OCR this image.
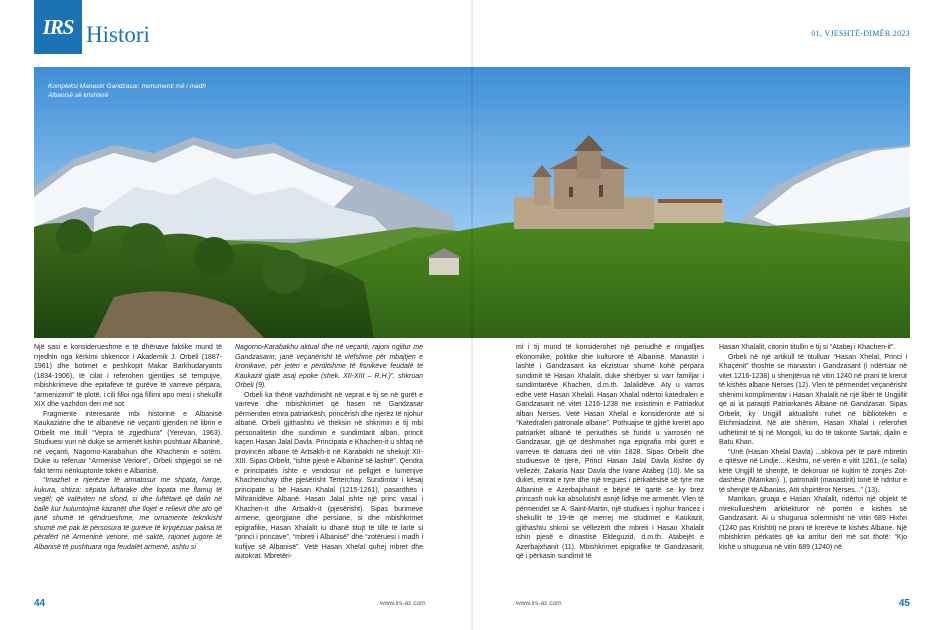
IRS Histori	01, VJESHTË-DIMËR 2023
Kompleksi Manastir Gandzasar, monumenti më i madh Albanisë së krishterë

Një sasi e konsiderueshme e të dhënave faktike mund të rrjedhin nga kërkimi shkencor i Akademik J. Orbeli (1887-1961) dhe botimet e peshkopit Makar Barkhudaryants (1834-1906), të cilat i referohen gjendjes së tempujve, mbishkrimeve dhe epitafeve të gurëve të varreve përpara, “armenizimit” të plotë, i cili filloi nga fillimi apo mesi i shekullit XIX dhe vazhdon deri më sot.

Fragmente interesante mbi historinë e Albanisë Kaukaziane dhe të albanëve në veçanti gjenden në librin e Orbelit me titull “Vepra të zgjedhura” (Yerevan, 1963). Studiuesi vuri në dukje se armenët kishin pushtuar Albaninë, në veçanti, Nagorno-Karabahun dhe Khachenin e sotëm. Duke iu referuar “Armenisë Veriore”, Orbeli shpjegoi se në fakt termi nënkuptonte tokën e Albanisë.

“Imazhet e njerëzve të armatosur me shpata, harqe, kukura, shtiza; sëpata luftarake dhe lopata me flamuj të vegël; që valëviten në sfond, si dhe luftëtarë që dalin në ballë kur hulumtojmë kazanët dhe llojet e relievit dhe ato që janë shumë të qëndrueshme, me ornamente teknikisht shumë më pak të përsosura të gurëve të kryqëzuar paksa të përafërt në Armeninë veriore, më saktë, rajonet jugore të Albanisë të pushtuara nga feudalët armenë, ashtu si

Nagorno-Karabakhu aktual dhe në veçanti, rajoni ngjitur me Gandzasarin, janë veçanërisht të vlefshme për mbajtjen e kronikave, për jetën e përditshme të fisnikëve feudalë të Kaukazit gjatë asaj epoke (shek. XII-XIII – R.H.)”, shkruan Orbeli (9).

Orbeli ka thënë vazhdimisht në veprat e tij se në gurët e varreve dhe mbishkrimet që hasen në Gandzasar përmenden emra patriarkësh, princërish dhe njerëz të njohur albanë. Orbeli gjithashtu vë theksin në shkrimin e tij mbi personalitetin dhe sundimin e sundimtarit alban, princit kaçen Hasan Jalal Davla. Principata e Khachen-it u shfaq në provincën albane të Artsakh-it në Karabakh në shekujt XII-XIII. Sipas Orbelit, “ishte pjesë e Albanisë së lashtë”. Qendra e principatës ishte e vendosur në pellgjet e lumenjve Khachenchay dhe pjesërisht Terterchay. Sundimtar i kësaj principate u bë Hasan Khalal (1215-1261), pasardhës i Mihranidëve Albanë. Hasan Jalal ishte një princ vasal i Khachen-it dhe Artsakh-it (pjesërisht). Sipas burimeve armene, gjeorgjiane dhe persiane, si dhe mbishkrimet epigrafike, Hasan Xhalalit iu dhanë titujt të tillë të lartë si “princi i princave”, “mbreti i Albanisë” dhe “zotëruesi i madh i kufijve së Albanisë”. Vetë Hasan Xhelal quhej mbret dhe autokrat. Mbretëri-

mi i tij mund të konsiderohet një periudhë e ringjalljes ekonomike, politike dhe kulturore të Albanisë. Manastiri i lashtë i Gandzasarit ka ekzistuar shumë kohë përpara sundimit të Hasan Xhalalit, duke shërbyer si varr familjar i sundimtarëve Khachen, d.m.th. Jalalidëve. Aty u varros edhe vetë Hasan Xhelali. Hasan Xhalal ndërtoi katedralen e Gandzasarit në vitet 1216-1238 me insistimin e Patriarkut alban Nerses. Vetë Hasan Xhelal e konsideronte atë si “Katedralen patronale albane”. Pothuajse të gjithë krerët apo patriarkët albanë të periudhës së fundit u varrosën në Gandzasar, gjë që dëshmohet nga epigrafia mbi gurët e varreve të datuara deri në vitin 1828. Sipas Orbelit dhe studiuesve të tjerë, Princi Hasan Jalal Davla kishte dy vëllezër, Zakaria Nasr Davla dhe Ivane Atabeg (10). Me sa duket, emrat e tyre dhe një tregues i përkatësisë së tyre me Albaninë e Azerbajxhanit e bëjnë të qartë se ky brez princash nuk ka absolutisht asnjë lidhje me armenët. Vlen të përmendet se A. Saint-Martin, një studiues i njohur francez i shekullit të 19-të që merrej me studimet e Kaukazit, gjithashtu shkroi se vëllezërit dhe mbreti i Hasan Xhalalit ishin pjesë e dinastisë Eldeguzid, d.m.th. Atabejët e Azerbajxhanit (11). Mbishkrimet epigrafike të Gandzasarit, që i përkasin sundimit të

Hasan Xhalalit, citonin titullin e tij si “Atabej i Khachen-it”.

Orbeli në një artikull të titulluar “Hasan Xhelal, Princi i Khaçenit” thoshte se manastiri i Gandzasarit (i ndërtuar në vitet 1216-1238) u shenjtërua në vitin 1240 në prani të krerut të kishës albane Nerses (12). Vlen të përmendet veçanërisht shënimi komplimentar i Hasan Xhalalit në një libër të Ungjillit që ai ia paraqiti Patriarkanës Albane në Gandzasar. Sipas Orbelit, ky Ungjill aktualisht ruhet në bibliotekën e Etchmiadzinit. Në atë shënim, Hasan Xhalal i referohet udhëtimit të tij në Mongoli, ku do të takonte Sartak, djalin e Batu Khan.

“Unë (Hasan Xhelal Davla) ...shkova për të parë mbretin e qitësve në Lindje... Kështu, në verën e vitit 1261, (e solla) këtë Ungjill të shenjtë, të dekoruar në kujtim të zonjës Zot-dashëse (Mamkan). ), patronalit (manastirit) tonë të ndritur e të shenjtë të Albanias, Atit shpirtëror Nerses...” (13).

Mamkan, gruaja e Hasan Xhalalit, ndërtoi një objekt të mrekullueshëm arkitekturor në portën e kishës së Gandzasarit. Ai u shugurua solemnisht në vitin 689 Hixhri (1240 pas Krishtit) në prani të krerëve të kishës Albane. Një mbishkrim përkatës që ka arritur deri më sot thotë: “Kjo kishë u shugurua në vitin 689 (1240) në

44	www.irs-az.com	www.irs-az.com	45
